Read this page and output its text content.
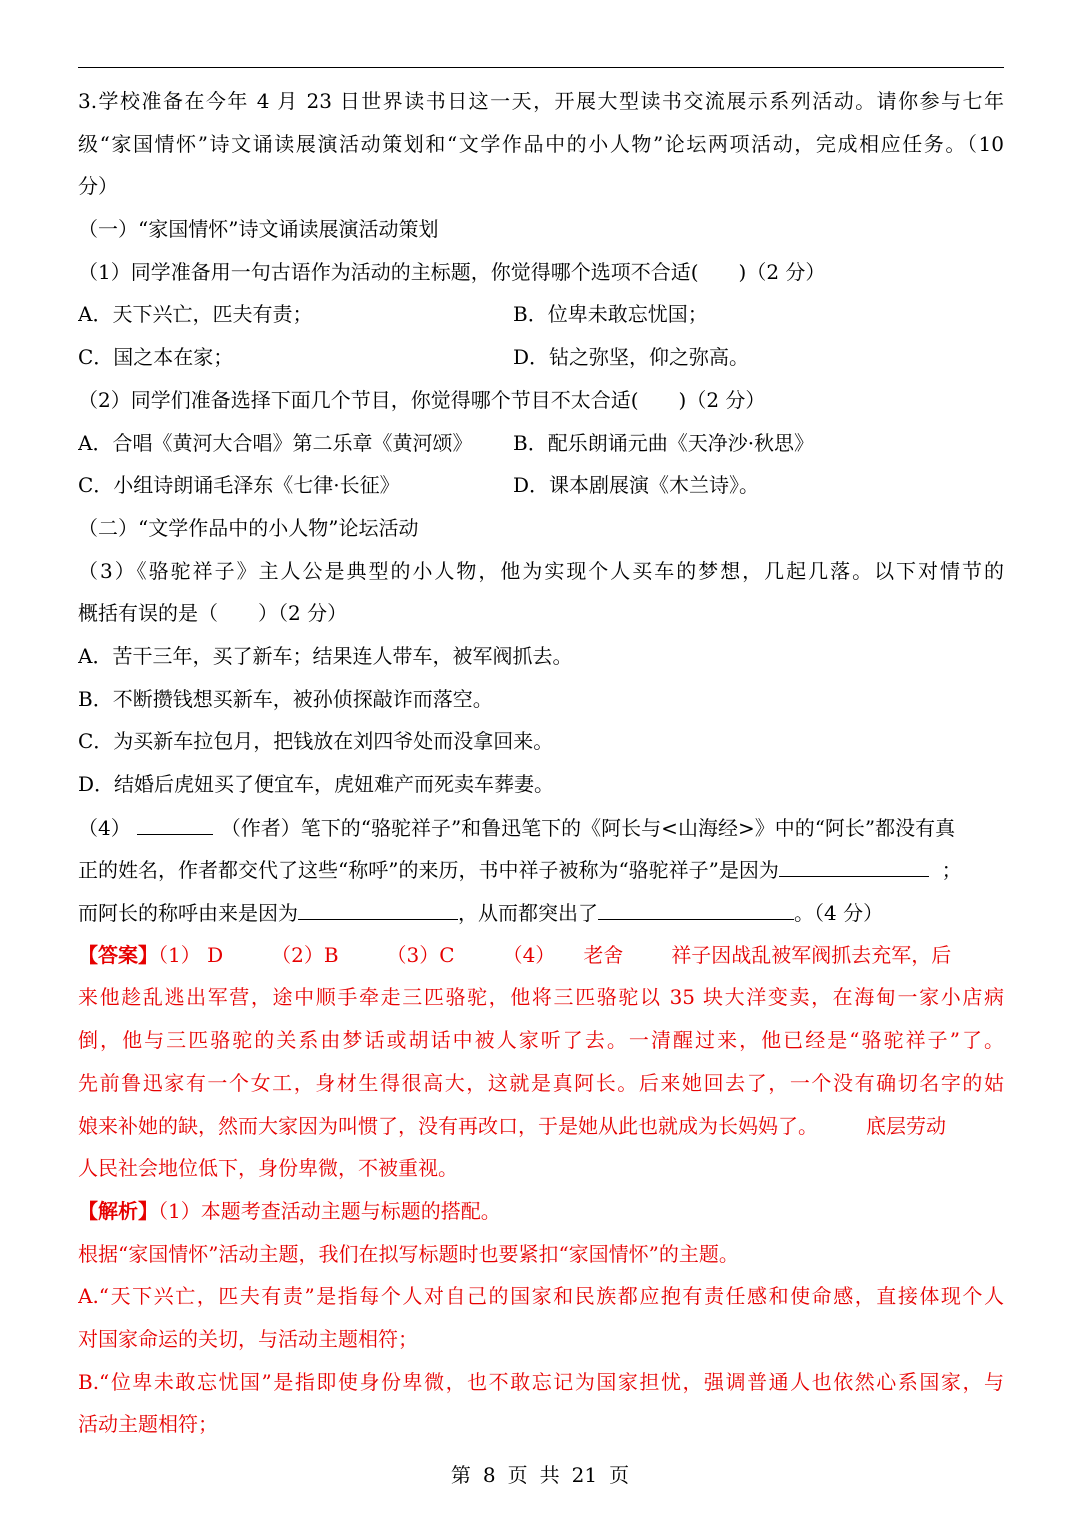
3.学校准备在今年 4 月 23 日世界读书日这一天，开展大型读书交流展示系列活动。请你参与七年
级“家国情怀”诗文诵读展演活动策划和“文学作品中的小人物”论坛两项活动，完成相应任务。（10
分）
（一）“家国情怀”诗文诵读展演活动策划
（1）同学准备用一句古语作为活动的主标题，你觉得哪个选项不合适(　　)（2 分）
A．天下兴亡，匹夫有责；	B．位卑未敢忘忧国；
C．国之本在家；	D．钻之弥坚，仰之弥高。
（2）同学们准备选择下面几个节目，你觉得哪个节目不太合适(　　)（2 分）
A．合唱《黄河大合唱》第二乐章《黄河颂》 B．配乐朗诵元曲《天净沙·秋思》
C．小组诗朗诵毛泽东《七律·长征》	D．课本剧展演《木兰诗》。
（二）“文学作品中的小人物”论坛活动
（3）《骆驼祥子》主人公是典型的小人物，他为实现个人买车的梦想，几起几落。以下对情节的
概括有误的是（　　）（2 分）
A．苦干三年，买了新车；结果连人带车，被军阀抓去。
B．不断攒钱想买新车，被孙侦探敲诈而落空。
C．为买新车拉包月，把钱放在刘四爷处而没拿回来。
D．结婚后虎妞买了便宜车，虎妞难产而死卖车葬妻。
（4）	（作者）笔下的“骆驼祥子”和鲁迅笔下的《阿长与<山海经>》中的“阿长”都没有真
正的姓名，作者都交代了这些“称呼”的来历，书中祥子被称为“骆驼祥子”是因为	；
而阿长的称呼由来是因为	，从而都突出了	。（4 分）
【答案】（1） D （2）B （3）C （4） 老舍 祥子因战乱被军阀抓去充军，后
来他趁乱逃出军营，途中顺手牵走三匹骆驼，他将三匹骆驼以 35 块大洋变卖，在海甸一家小店病
倒，他与三匹骆驼的关系由梦话或胡话中被人家听了去。一清醒过来，他已经是“骆驼祥子”了。
先前鲁迅家有一个女工，身材生得很高大，这就是真阿长。后来她回去了，一个没有确切名字的姑
娘来补她的缺，然而大家因为叫惯了，没有再改口，于是她从此也就成为长妈妈了。 底层劳动
人民社会地位低下，身份卑微，不被重视。
【解析】（1）本题考查活动主题与标题的搭配。
根据“家国情怀”活动主题，我们在拟写标题时也要紧扣“家国情怀”的主题。
A.“天下兴亡，匹夫有责”是指每个人对自己的国家和民族都应抱有责任感和使命感，直接体现个人
对国家命运的关切，与活动主题相符；
B.“位卑未敢忘忧国”是指即使身份卑微，也不敢忘记为国家担忧，强调普通人也依然心系国家，与
活动主题相符；
第 8 页 共 21 页
